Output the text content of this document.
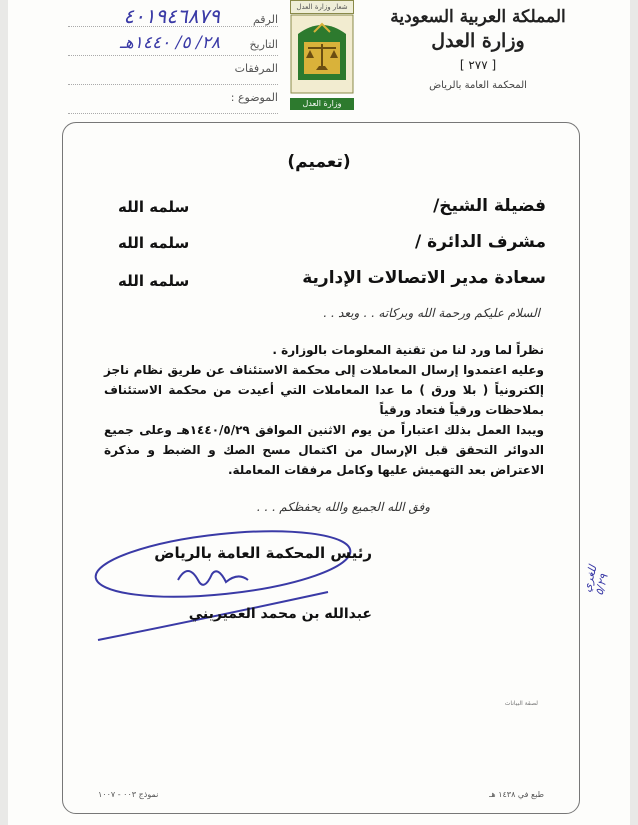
المملكة العربية السعودية
وزارة العدل
[ ٢٧٧ ]
المحكمة العامة بالرياض
شعار وزارة العدل
وزارة العدل
الرقم
٤٠١٩٤٦٨٧٩
التاريخ
٢٨/ ٥/ ١٤٤٠هـ
المرفقات
الموضوع :
(تعميم)
فضيلة الشيخ/
سلمه الله
مشرف الدائرة /
سلمه الله
سعادة مدير الاتصالات الإدارية
سلمه الله
السلام عليكم ورحمة الله وبركاته . . وبعد . .

نظراً لما ورد لنا من تقنية المعلومات بالوزارة .

وعليه اعتمدوا إرسال المعاملات إلى محكمة الاستئناف عن طريق نظام ناجز إلكترونياً ( بلا ورق ) ما عدا المعاملات التي أعيدت من محكمة الاستئناف بملاحظات ورقياً فتعاد ورقياً

ويبدا العمل بذلك اعتباراً من يوم الاثنين الموافق ١٤٤٠/٥/٢٩هـ وعلى جميع الدوائر التحقق قبل الإرسال من اكتمال مسح الصك و الضبط و مذكرة الاعتراض بعد التهميش عليها وكامل مرفقات المعاملة.

وفق الله الجميع والله يحفظكم . . .
رئيس المحكمة العامة بالرياض
عبدالله بن محمد العميريني
للغري ٥/٢٩
لصقة البيانات
نموذج ٠٠٣ - ١٠٠٧	طبع في ١٤٣٨ هـ
